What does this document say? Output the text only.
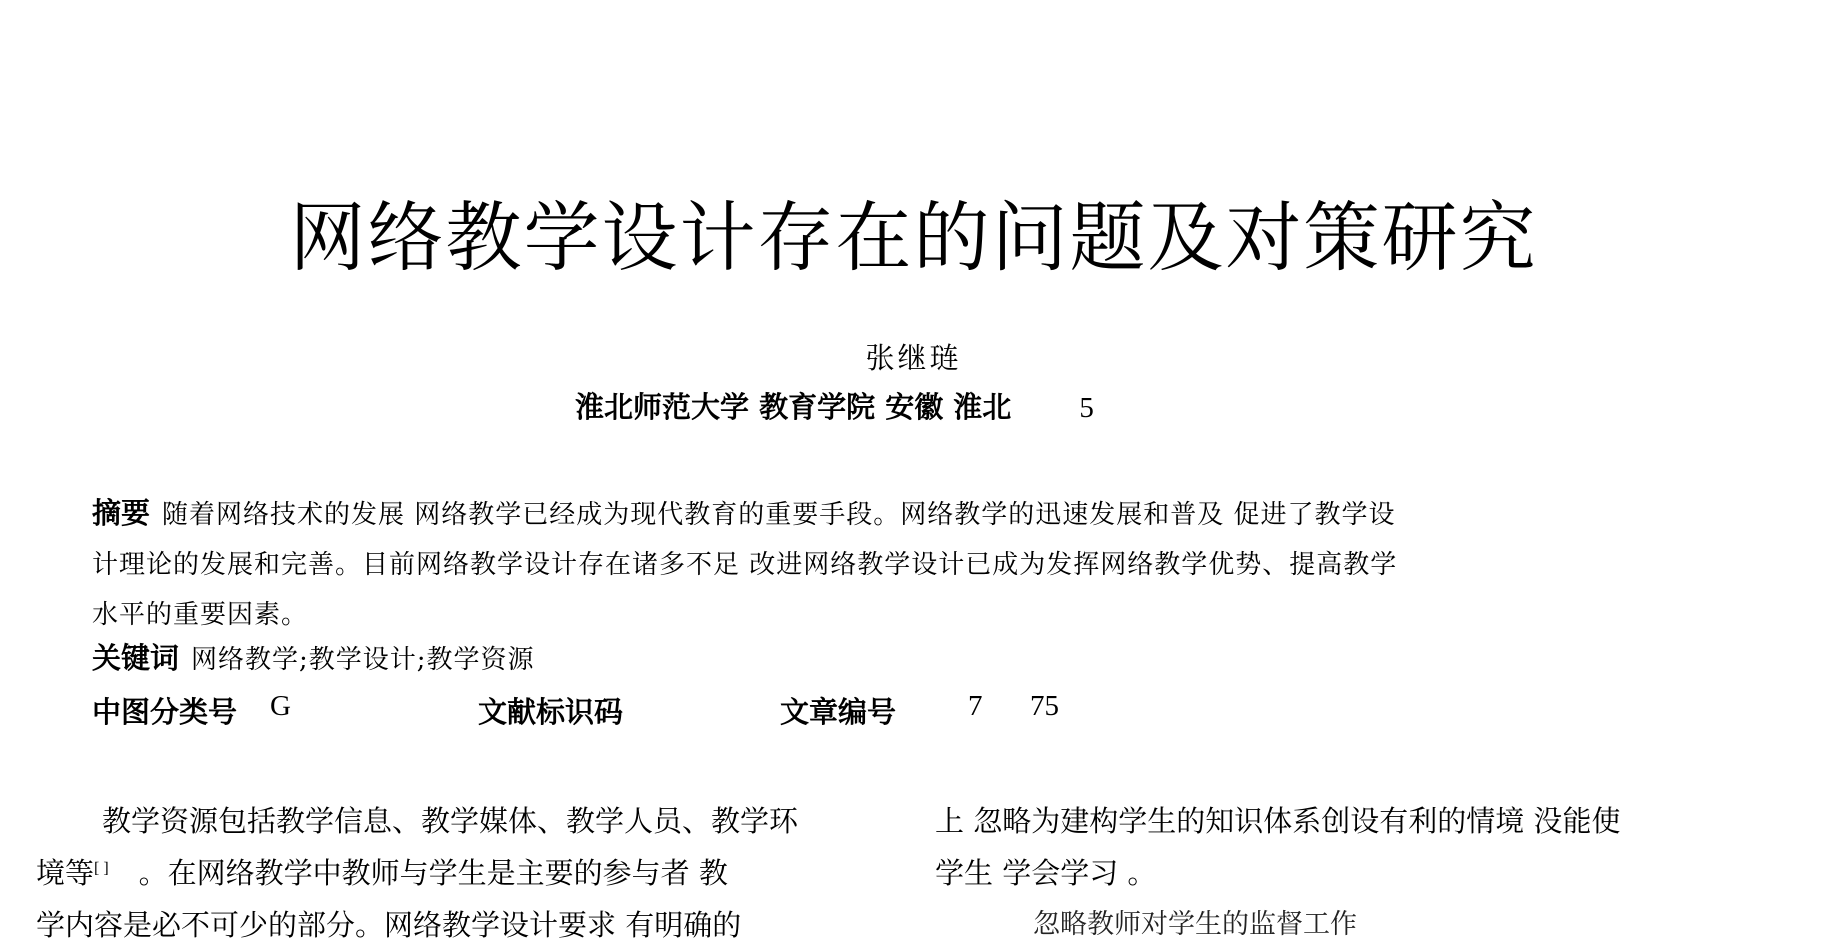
网络教学设计存在的问题及对策研究
张继琏
淮北师范大学 教育学院 安徽 淮北 5
摘要 随着网络技术的发展 网络教学已经成为现代教育的重要手段。网络教学的迅速发展和普及 促进了教学设
计理论的发展和完善。目前网络教学设计存在诸多不足 改进网络教学设计已成为发挥网络教学优势、提高教学
水平的重要因素。
关键词 网络教学;教学设计;教学资源
中图分类号 G	文献标识码	文章编号 7 75
教学资源包括教学信息、教学媒体、教学人员、教学环
境等[ ] 。在网络教学中教师与学生是主要的参与者 教
学内容是必不可少的部分。网络教学设计要求 有明确的
上 忽略为建构学生的知识体系创设有利的情境 没能使
学生 学会学习 。
忽略教师对学生的监督工作
